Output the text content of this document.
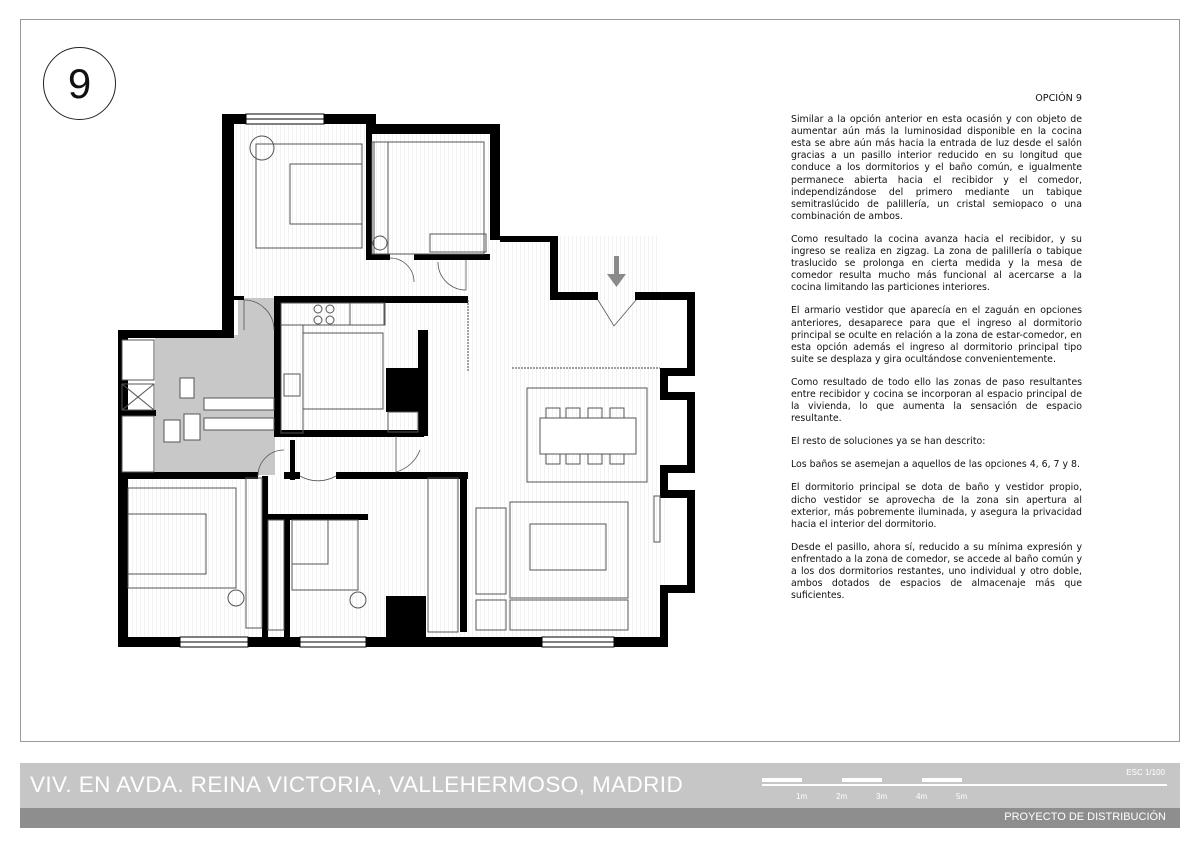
9	OPCIÓN 9

Similar a la opción anterior en esta ocasión y con objeto de aumentar aún más la luminosidad disponible en la cocina esta se abre aún más hacia la entrada de luz desde el salón gracias a un pasillo interior reducido en su longitud que conduce a los dormitorios y el baño común, e igualmente permanece abierta hacia el recibidor y el comedor, independizándose del primero mediante un tabique semitraslúcido de palillería, un cristal semiopaco o una combinación de ambos.

Como resultado la cocina avanza hacia el recibidor, y su ingreso se realiza en zigzag. La zona de palillería o tabique traslucido se prolonga en cierta medida y la mesa de comedor resulta mucho más funcional al acercarse a la cocina limitando las particiones interiores.

El armario vestidor que aparecía en el zaguán en opciones anteriores, desaparece para que el ingreso al dormitorio principal se oculte en relación a la zona de estar-comedor, en esta opción además el ingreso al dormitorio principal tipo suite se desplaza y gira ocultándose convenientemente.

Como resultado de todo ello las zonas de paso resultantes entre recibidor y cocina se incorporan al espacio principal de la vivienda, lo que aumenta la sensación de espacio resultante.

El resto de soluciones ya se han descrito:

Los baños se asemejan a aquellos de las opciones 4, 6, 7 y 8.

El dormitorio principal se dota de baño y vestidor propio, dicho vestidor se aprovecha de la zona sin apertura al exterior, más pobremente iluminada, y asegura la privacidad hacia el interior del dormitorio.

Desde el pasillo, ahora sí, reducido a su mínima expresión y enfrentado a la zona de comedor, se accede al baño común y a los dos dormitorios restantes, uno individual y otro doble, ambos dotados de espacios de almacenaje más que suficientes.

VIV. EN AVDA. REINA VICTORIA, VALLEHERMOSO, MADRID	ESC 1/100
1m	2m	3m	4m	5m
PROYECTO DE DISTRIBUCIÓN
